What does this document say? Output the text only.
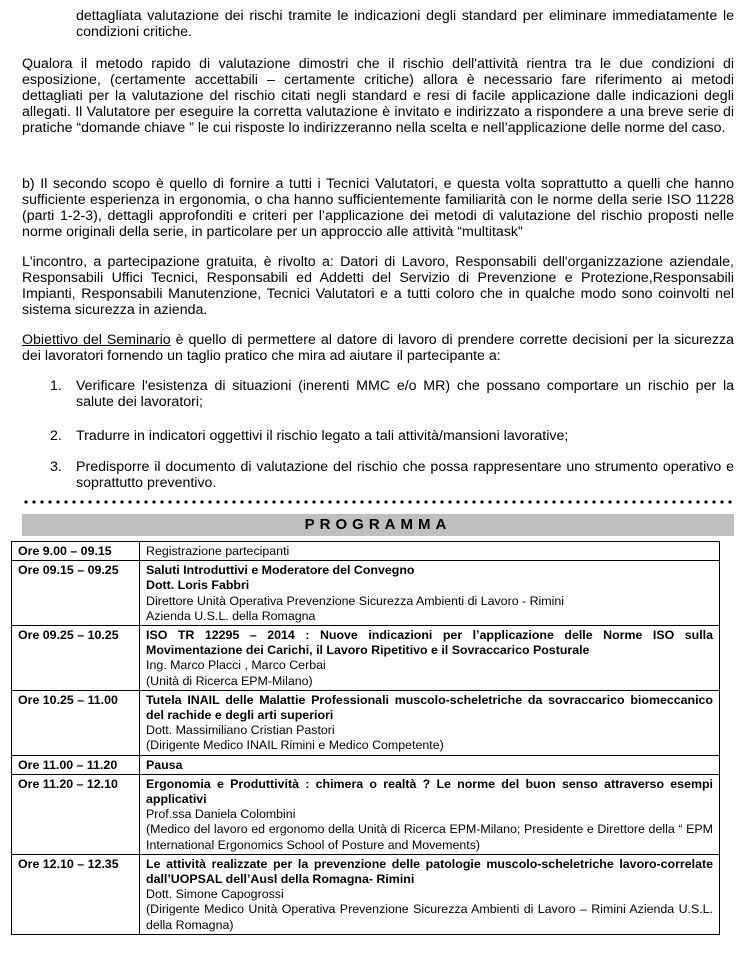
dettagliata valutazione dei rischi tramite le indicazioni degli standard per eliminare immediatamente le condizioni critiche.
Qualora il metodo rapido di valutazione dimostri che il rischio dell'attività rientra tra le due condizioni di esposizione, (certamente accettabili – certamente critiche) allora è necessario fare riferimento ai metodi dettagliati per la valutazione del rischio citati negli standard e resi di facile applicazione dalle indicazioni degli allegati. Il Valutatore per eseguire la corretta valutazione è invitato e indirizzato a rispondere a una breve serie di pratiche “domande chiave ” le cui risposte lo indirizzeranno nella scelta e nell’applicazione delle norme del caso.
b) Il secondo scopo è quello di fornire a tutti i Tecnici Valutatori, e questa volta soprattutto a quelli che hanno sufficiente esperienza in ergonomia, o cha hanno sufficientemente familiarità con le norme della serie ISO 11228 (parti 1-2-3), dettagli approfonditi e criteri per l’applicazione dei metodi di valutazione del rischio proposti nelle norme originali della serie, in particolare per un approccio alle attività “multitask”
L'incontro, a partecipazione gratuita, è rivolto a: Datori di Lavoro, Responsabili dell'organizzazione aziendale, Responsabili Uffici Tecnici, Responsabili ed Addetti del Servizio di Prevenzione e Protezione,Responsabili Impianti, Responsabili Manutenzione, Tecnici Valutatori e a tutti coloro che in qualche modo sono coinvolti nel sistema sicurezza in azienda.
Obiettivo del Seminario è quello di permettere al datore di lavoro di prendere corrette decisioni per la sicurezza dei lavoratori fornendo un taglio pratico che mira ad aiutare il partecipante a:
1. Verificare l'esistenza di situazioni (inerenti MMC e/o MR) che possano comportare un rischio per la salute dei lavoratori;
2. Tradurre in indicatori oggettivi il rischio legato a tali attività/mansioni lavorative;
3. Predisporre il documento di valutazione del rischio che possa rappresentare uno strumento operativo e soprattutto preventivo.
PROGRAMMA
Ore 9.00 – 09.15	Registrazione partecipanti

Ore 09.15 – 09.25	Saluti Introduttivi e Moderatore del Convegno
Dott. Loris Fabbri
Direttore Unità Operativa Prevenzione Sicurezza Ambienti di Lavoro - Rimini
Azienda U.S.L. della Romagna

Ore 09.25 – 10.25	ISO TR 12295 – 2014 : Nuove indicazioni per l’applicazione delle Norme ISO sulla Movimentazione dei Carichi, il Lavoro Ripetitivo e il Sovraccarico Posturale
Ing. Marco Placci , Marco Cerbai
(Unità di Ricerca EPM-Milano)

Ore 10.25 – 11.00	Tutela INAIL delle Malattie Professionali muscolo-scheletriche da sovraccarico biomeccanico del rachide e degli arti superiori
Dott. Massimiliano Cristian Pastori
(Dirigente Medico INAIL Rimini e Medico Competente)

Ore 11.00 – 11.20	Pausa

Ore 11.20 – 12.10	Ergonomia e Produttività : chimera o realtà ? Le norme del buon senso attraverso esempi applicativi
Prof.ssa Daniela Colombini
(Medico del lavoro ed ergonomo della Unità di Ricerca EPM-Milano; Presidente e Direttore della “ EPM International Ergonomics School of Posture and Movements)

Ore 12.10 – 12.35	Le attività realizzate per la prevenzione delle patologie muscolo-scheletriche lavoro-correlate dall’UOPSAL dell’Ausl della Romagna- Rimini
Dott. Simone Capogrossi
(Dirigente Medico Unità Operativa Prevenzione Sicurezza Ambienti di Lavoro – Rimini Azienda U.S.L. della Romagna)
